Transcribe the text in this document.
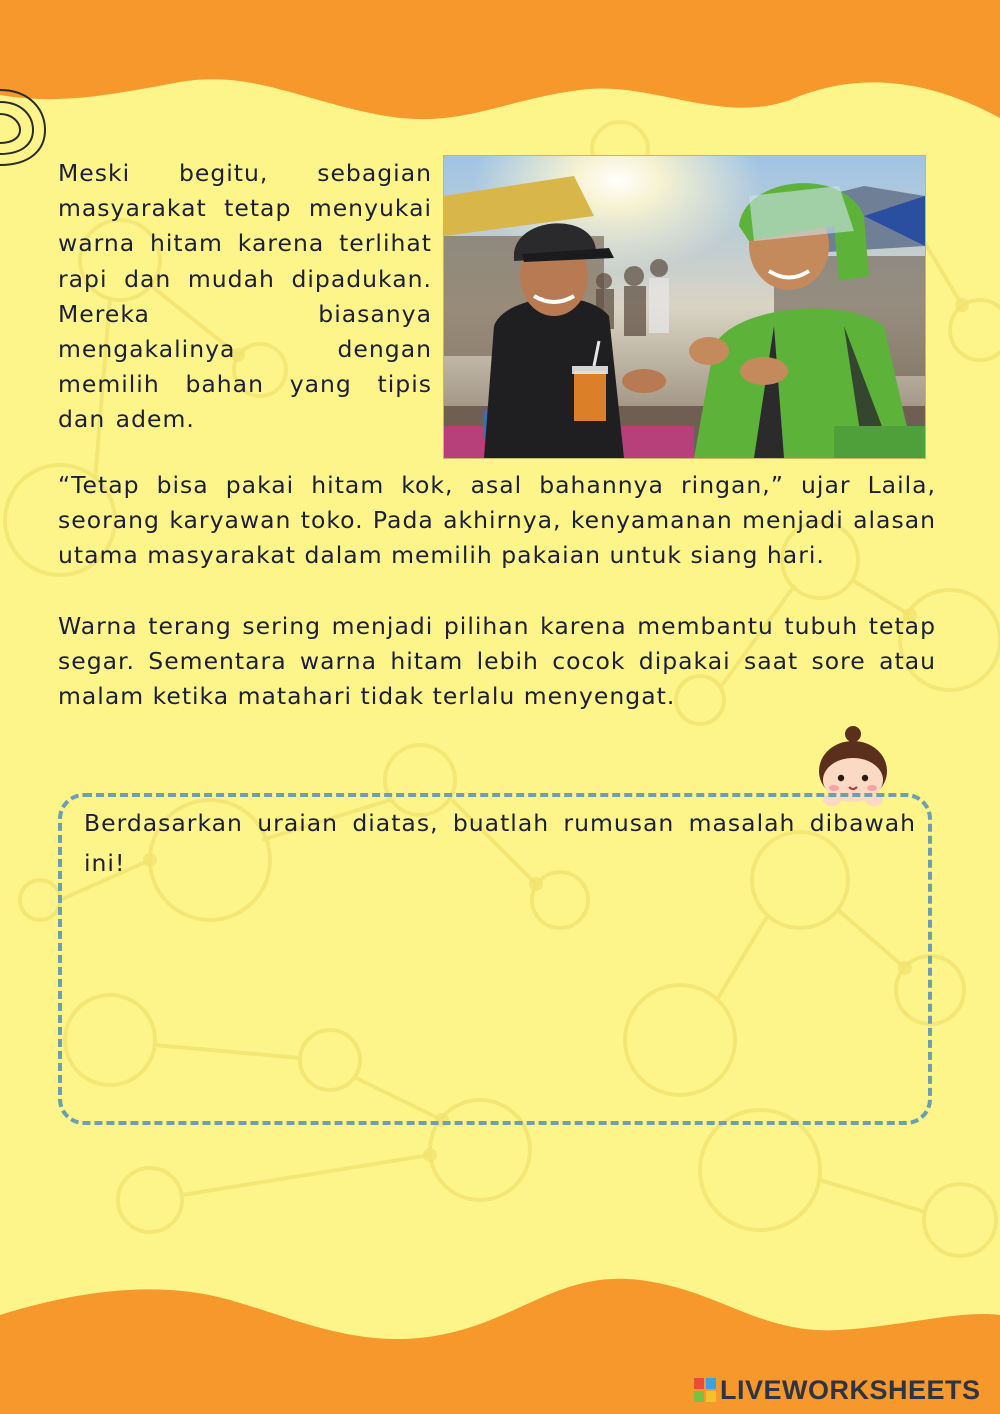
Meski begitu, sebagian masyarakat tetap menyukai warna hitam karena terlihat rapi dan mudah dipadukan. Mereka biasanya mengakalinya dengan memilih bahan yang tipis dan adem.
“Tetap bisa pakai hitam kok, asal bahannya ringan,” ujar Laila, seorang karyawan toko. Pada akhirnya, kenyamanan menjadi alasan utama masyarakat dalam memilih pakaian untuk siang hari.
Warna terang sering menjadi pilihan karena membantu tubuh tetap segar. Sementara warna hitam lebih cocok dipakai saat sore atau malam ketika matahari tidak terlalu menyengat.
Berdasarkan uraian diatas, buatlah rumusan masalah dibawah ini!
LIVEWORKSHEETS
